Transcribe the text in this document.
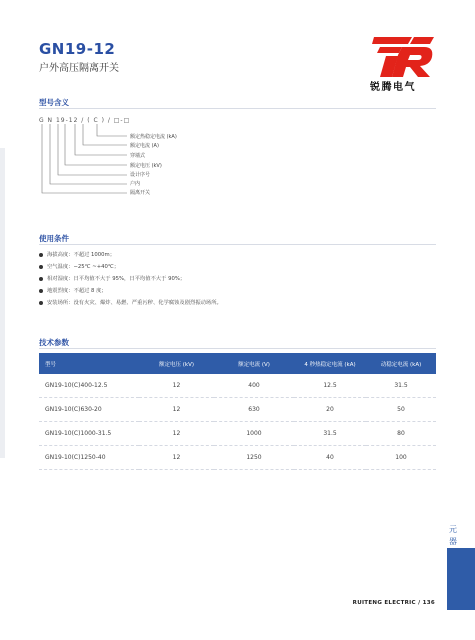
GN19-12
户外高压隔离开关
锐腾电气
型号含义
G N 19-12 / ( C ) / □-□
额定热稳定电流 (kA)
额定电流 (A)
穿墙式
额定电压 (kV)
设计序号
户内
隔离开关
使用条件
海拔高度：不超过 1000m；
空气温度：−25℃ ~+40℃；
相对湿度：日平均值不大于 95%，日平均值不大于 90%；
地震烈度：不超过 8 度；
安装场所：没有火灾、爆炸、易燃、严重污秽、化学腐蚀及剧烈振动场所。
技术参数
型号	额定电压 (kV)	额定电流 (V)	4 秒热稳定电流 (kA)	动稳定电流 (kA)
GN19-10(C)400-12.5	12	400	12.5	31.5
GN19-10(C)630-20	12	630	20	50
GN19-10(C)1000-31.5	12	1000	31.5	80
GN19-10(C)1250-40	12	1250	40	100
元器
RUITENG ELECTRIC / 136
